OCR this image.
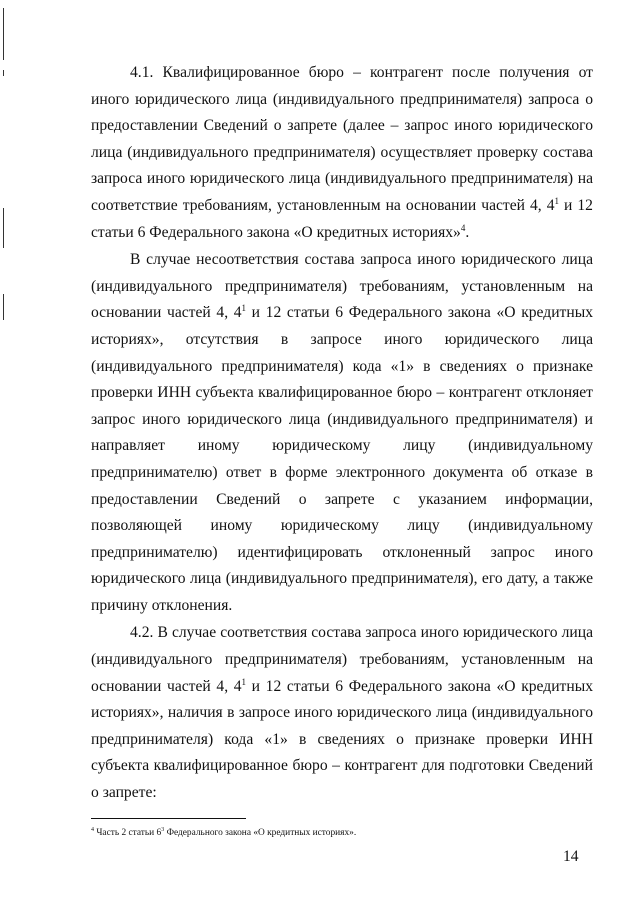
4.1. Квалифицированное бюро – контрагент после получения от иного юридического лица (индивидуального предпринимателя) запроса о предоставлении Сведений о запрете (далее – запрос иного юридического лица (индивидуального предпринимателя) осуществляет проверку состава запроса иного юридического лица (индивидуального предпринимателя) на соответствие требованиям, установленным на основании частей 4, $4^1$ и 12 статьи 6 Федерального закона «О кредитных историях»$^4$.

В случае несоответствия состава запроса иного юридического лица (индивидуального предпринимателя) требованиям, установленным на основании частей 4, $4^1$ и 12 статьи 6 Федерального закона «О кредитных историях», отсутствия в запросе иного юридического лица (индивидуального предпринимателя) кода «1» в сведениях о признаке проверки ИНН субъекта квалифицированное бюро – контрагент отклоняет запрос иного юридического лица (индивидуального предпринимателя) и направляет иному юридическому лицу (индивидуальному предпринимателю) ответ в форме электронного документа об отказе в предоставлении Сведений о запрете с указанием информации, позволяющей иному юридическому лицу (индивидуальному предпринимателю) идентифицировать отклоненный запрос иного юридического лица (индивидуального предпринимателя), его дату, а также причину отклонения.

4.2. В случае соответствия состава запроса иного юридического лица (индивидуального предпринимателя) требованиям, установленным на основании частей 4, $4^1$ и 12 статьи 6 Федерального закона «О кредитных историях», наличия в запросе иного юридического лица (индивидуального предпринимателя) кода «1» в сведениях о признаке проверки ИНН субъекта квалифицированное бюро – контрагент для подготовки Сведений о запрете:

$^4$ Часть 2 статьи $6^3$ Федерального закона «О кредитных историях».
14
